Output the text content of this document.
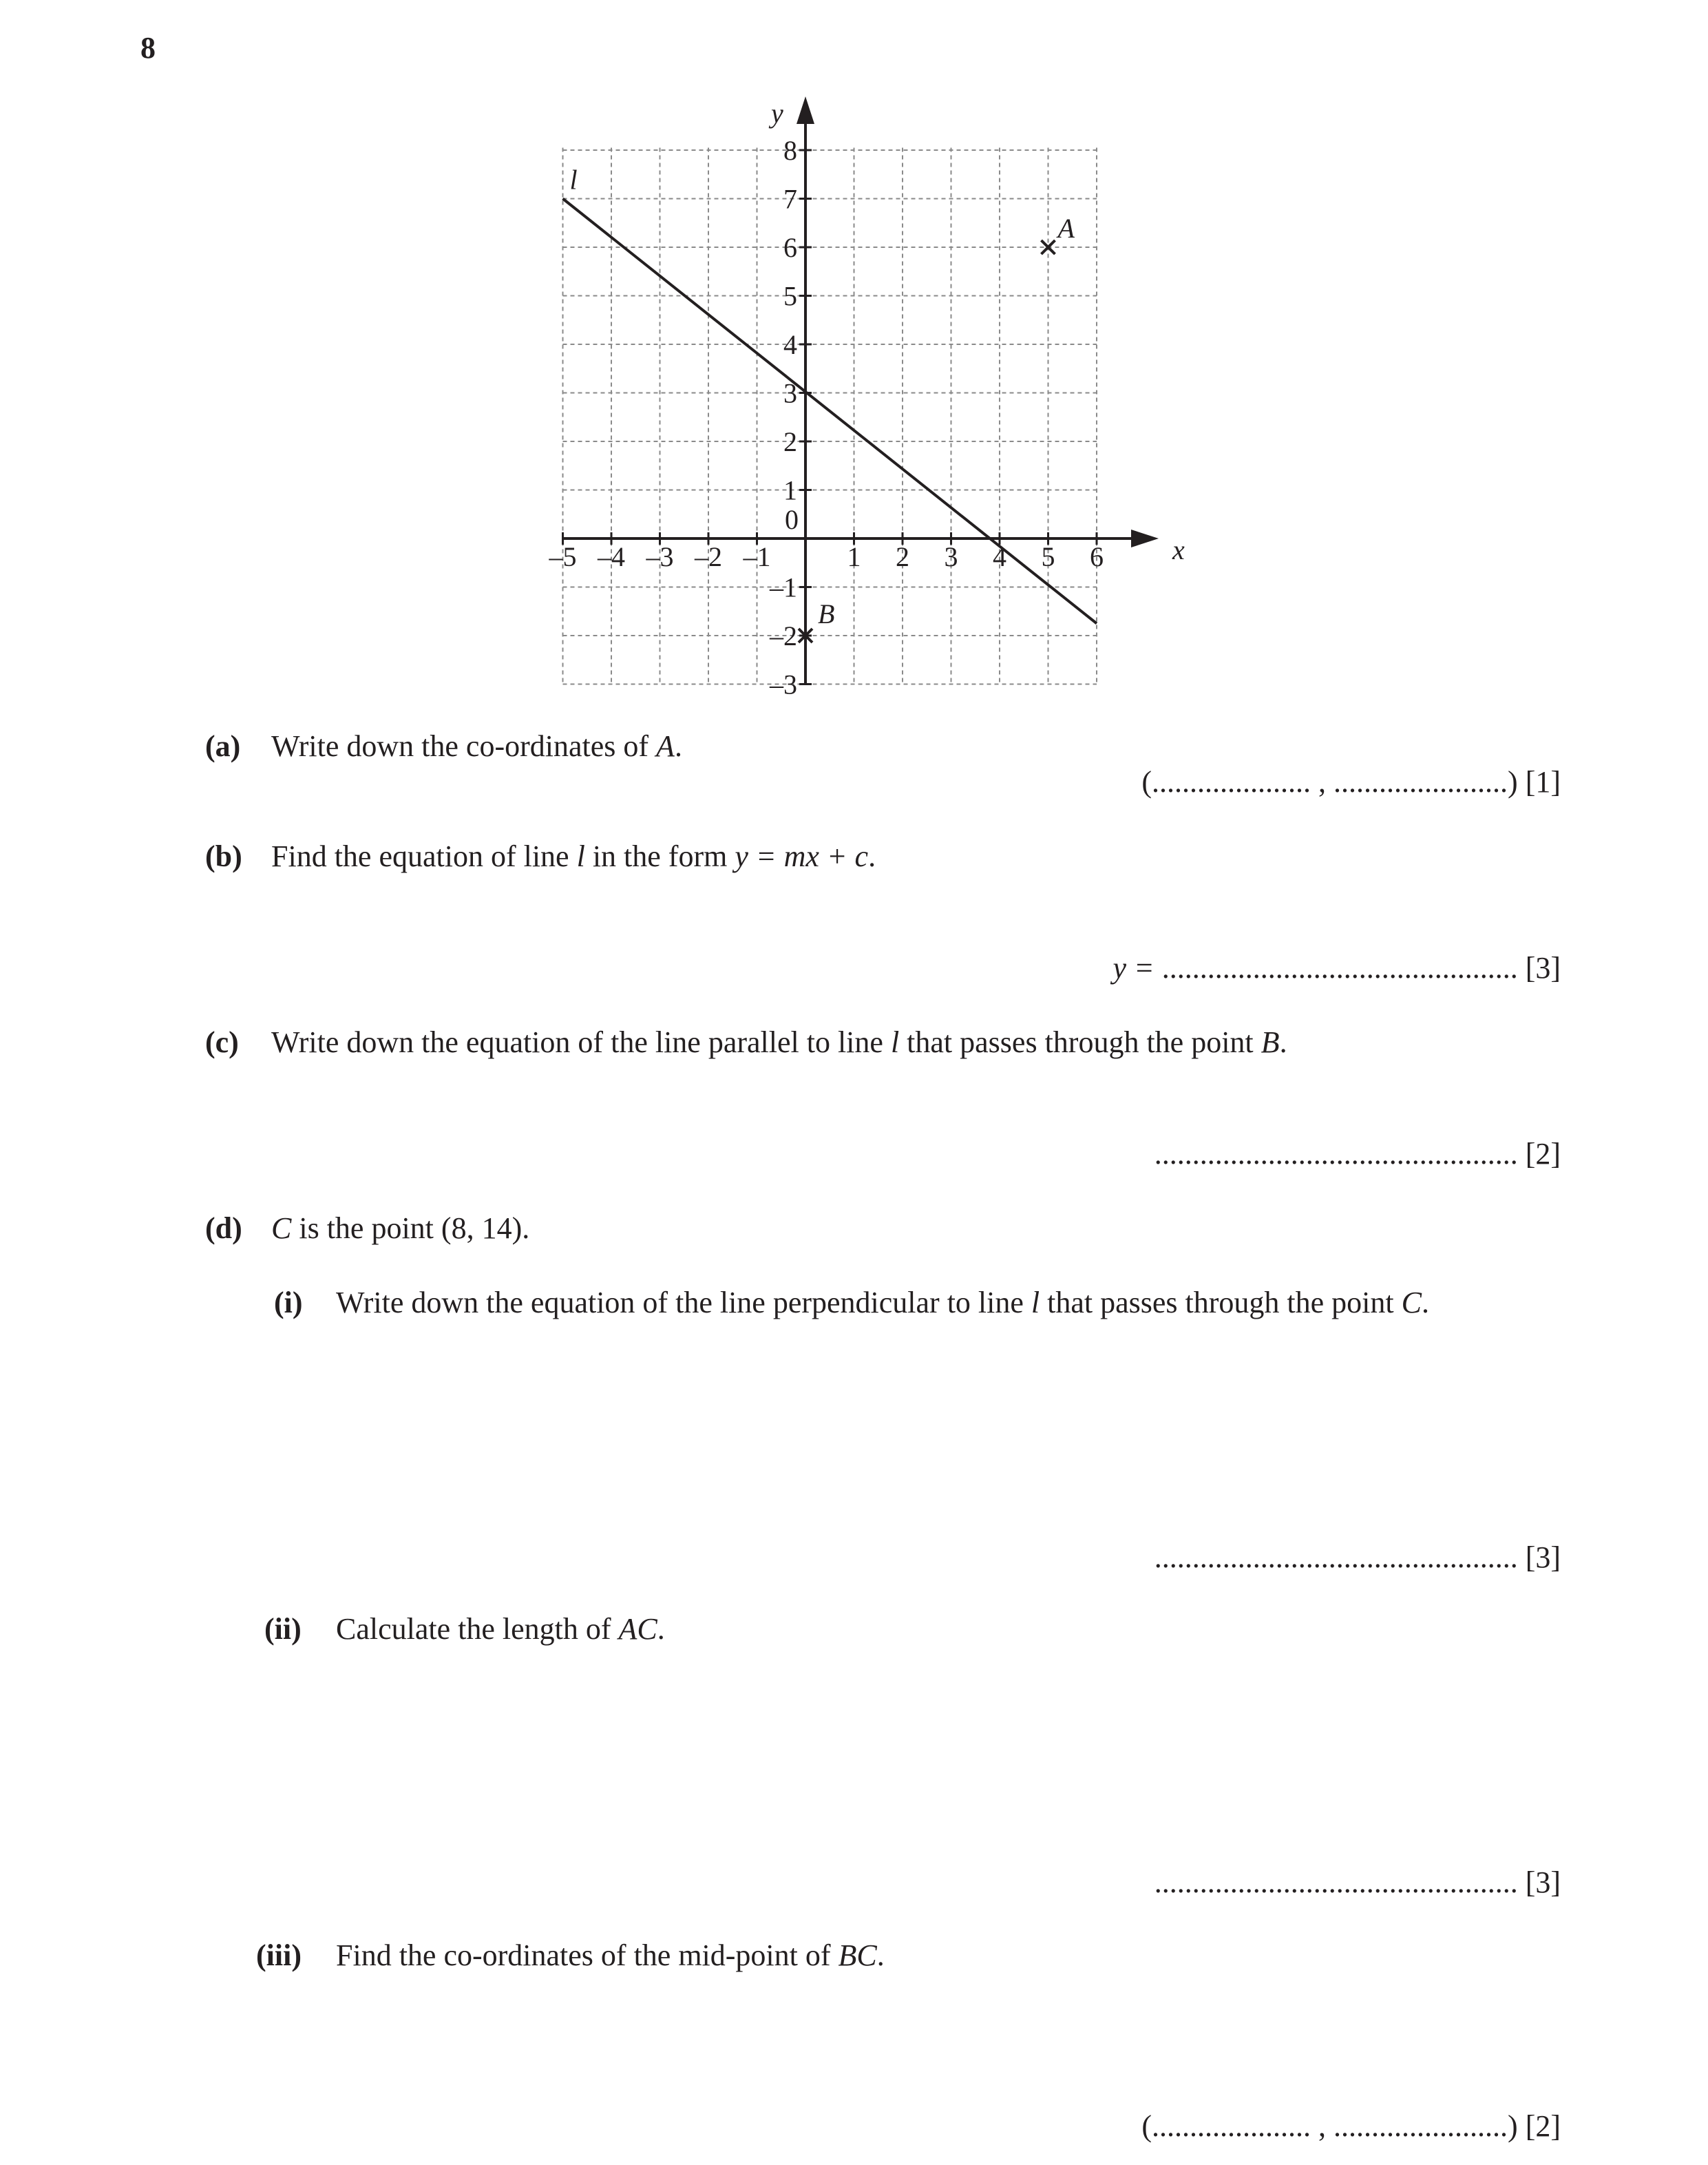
8
l
A
B
x
y
0
–5 –4 –3 –2 –1	1 2 3 4 5 6
8
7
6
5
4
3
2
1
–1
–2
–3
(a) Write down the co-ordinates of A.
(..................... , .......................) [1]
(b) Find the equation of line l in the form y = mx + c.
y = ............................................... [3]
(c) Write down the equation of the line parallel to line l that passes through the point B.
................................................ [2]
(d) C is the point (8, 14).
(i) Write down the equation of the line perpendicular to line l that passes through the point C.
................................................ [3]
(ii) Calculate the length of AC.
................................................ [3]
(iii) Find the co-ordinates of the mid-point of BC.
(..................... , .......................) [2]
